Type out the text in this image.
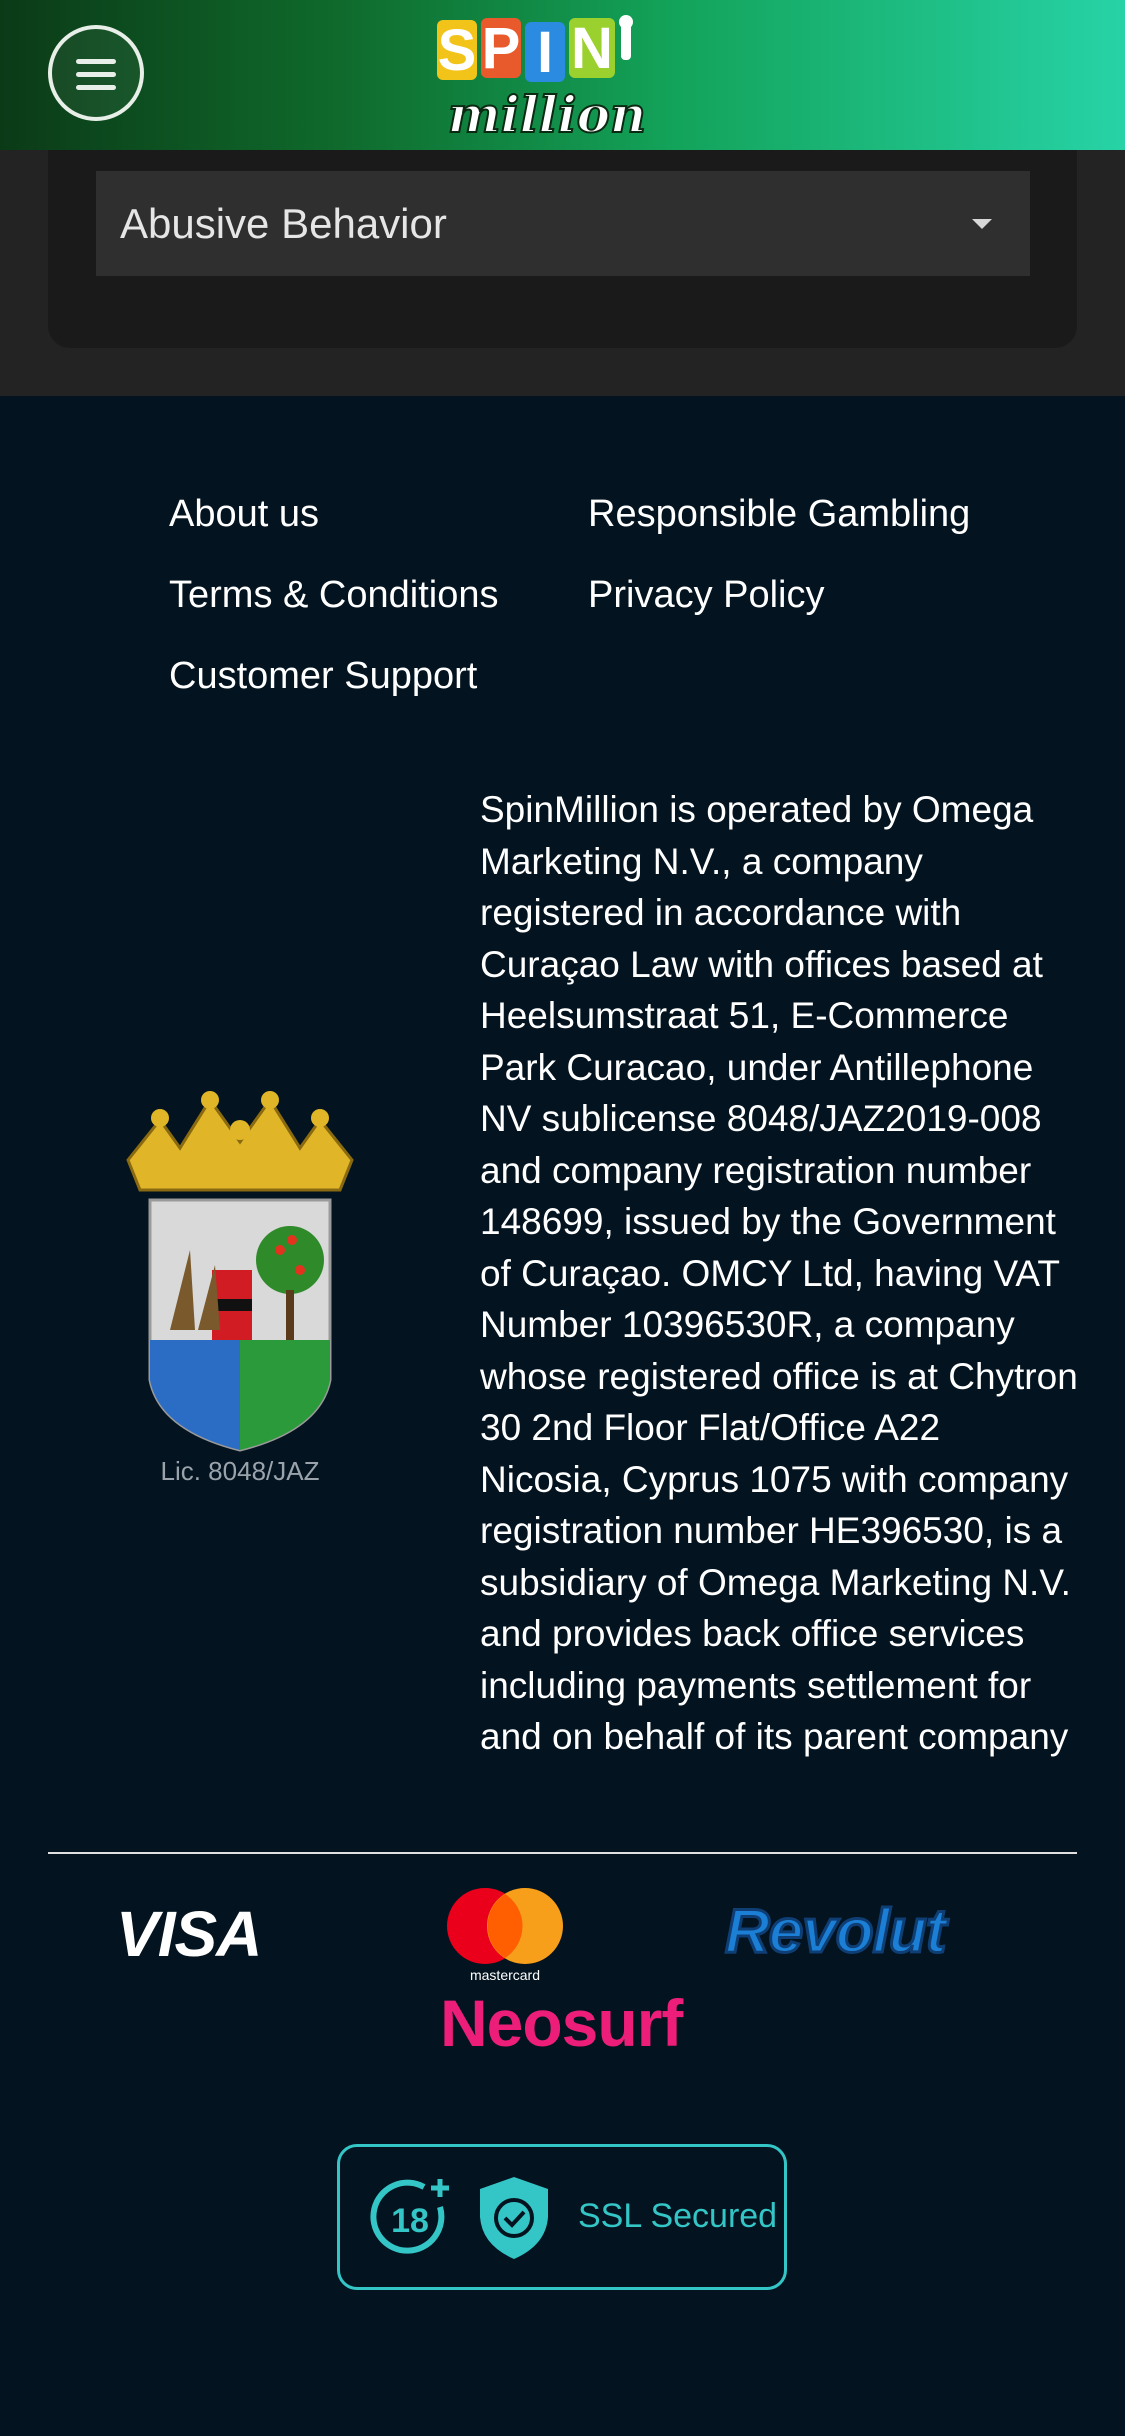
S P I N
million
Abusive Behavior
About us	Responsible Gambling
Terms & Conditions Privacy Policy
Customer Support
Lic. 8048/JAZ
SpinMillion is operated by Omega Marketing N.V., a company registered in accordance with Curaçao Law with offices based at Heelsumstraat 51, E-Commerce Park Curacao, under Antillephone NV sublicense 8048/JAZ2019-008 and company registration number 148699, issued by the Government of Curaçao. OMCY Ltd, having VAT Number 10396530R, a company whose registered office is at Chytron 30 2nd Floor Flat/Office A22 Nicosia, Cyprus 1075 with company registration number HE396530, is a subsidiary of Omega Marketing N.V. and provides back office services including payments settlement for and on behalf of its parent company
VISA
mastercard
Revolut
Neosurf
18	SSL Secured
